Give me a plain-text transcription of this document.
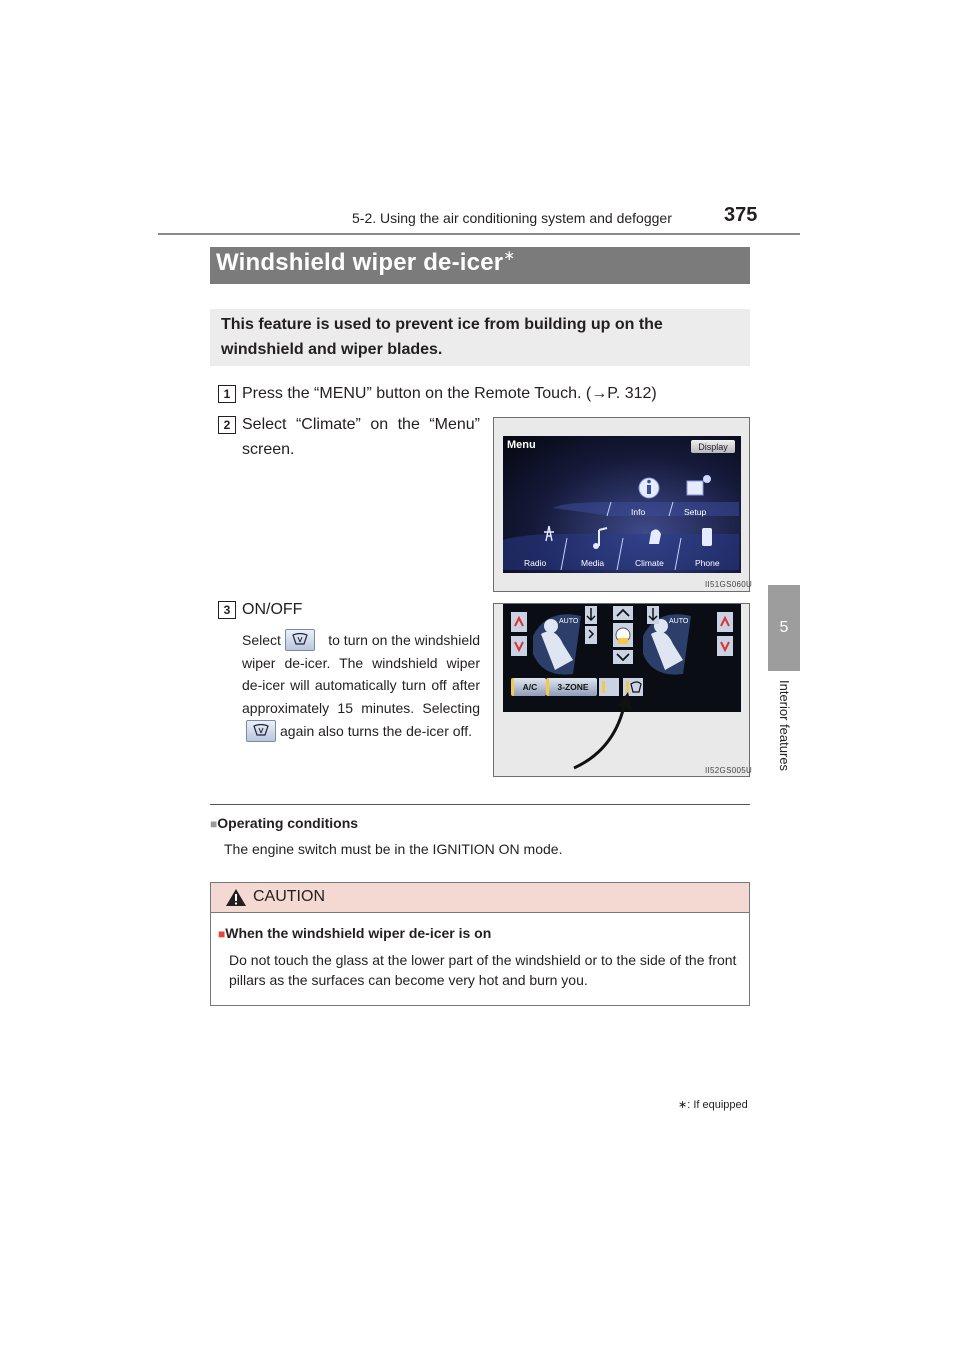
5-2. Using the air conditioning system and defogger	375
5
Interior features
Windshield wiper de-icer∗

This feature is used to prevent ice from building up on the windshield and wiper blades.

1 Press the “MENU” button on the Remote Touch. (→P. 312)
2 Select “Climate” on the “Menu”
screen.	Menu	Display
Info	Setup
Radio	Media	Climate	Phone
II51GS060U
3 ON/OFF
Select	to turn on the windshield
wiper de-icer. The windshield wiper
de-icer will automatically turn off after
approximately 15 minutes. Selecting
again also turns the de-icer off.
AUTO	AUTO
A/C	3-ZONE
II52GS005U
■Operating conditions
The engine switch must be in the IGNITION ON mode.
CAUTION
■When the windshield wiper de-icer is on
Do not touch the glass at the lower part of the windshield or to the side of the front pillars as the surfaces can become very hot and burn you.
∗: If equipped
